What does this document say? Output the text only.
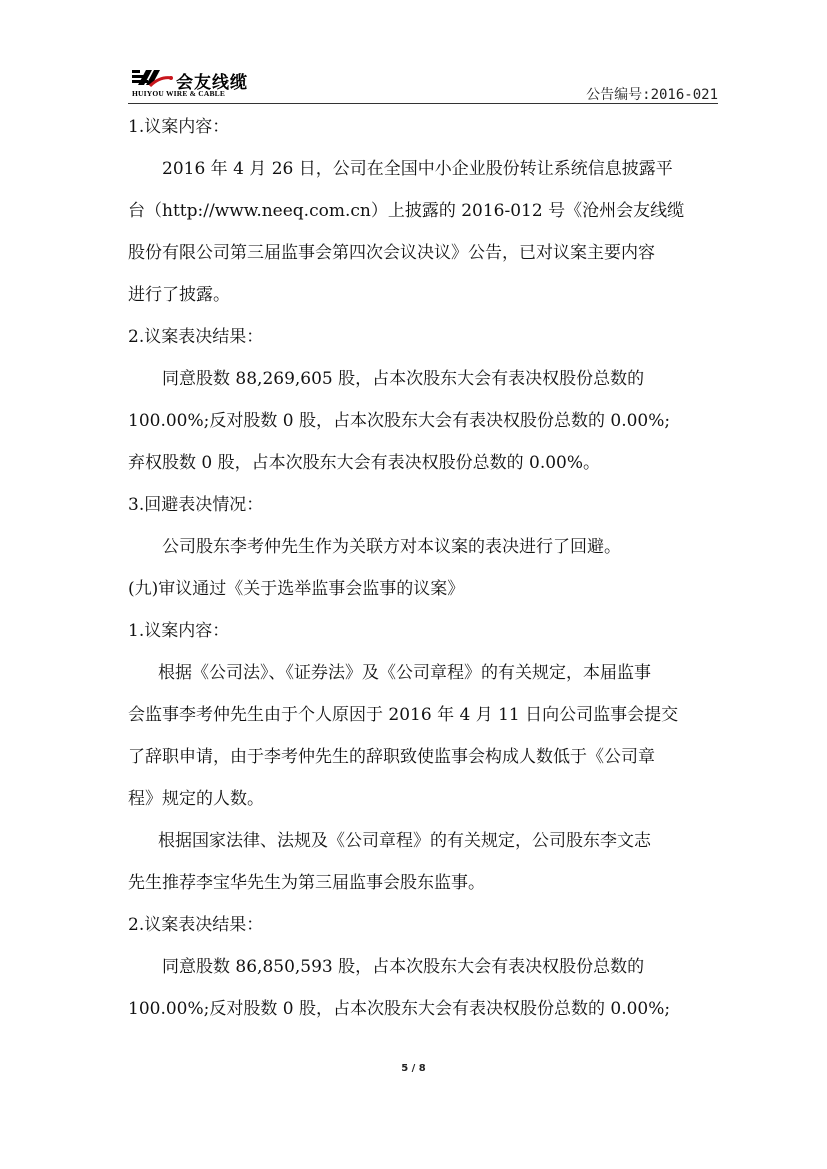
会友线缆
HUIYOU WIRE & CABLE	公告编号:2016-021
1.议案内容：
2016 年 4 月 26 日，公司在全国中小企业股份转让系统信息披露平
台（http://www.neeq.com.cn）上披露的 2016-012 号《沧州会友线缆
股份有限公司第三届监事会第四次会议决议》公告，已对议案主要内容
进行了披露。
2.议案表决结果：
同意股数 88,269,605 股，占本次股东大会有表决权股份总数的
100.00%;反对股数 0 股，占本次股东大会有表决权股份总数的 0.00%;
弃权股数 0 股，占本次股东大会有表决权股份总数的 0.00%。
3.回避表决情况：
公司股东李考仲先生作为关联方对本议案的表决进行了回避。
(九)审议通过《关于选举监事会监事的议案》
1.议案内容：
根据《公司法》、《证券法》及《公司章程》的有关规定，本届监事
会监事李考仲先生由于个人原因于 2016 年 4 月 11 日向公司监事会提交
了辞职申请，由于李考仲先生的辞职致使监事会构成人数低于《公司章
程》规定的人数。
根据国家法律、法规及《公司章程》的有关规定，公司股东李文志
先生推荐李宝华先生为第三届监事会股东监事。
2.议案表决结果：
同意股数 86,850,593 股，占本次股东大会有表决权股份总数的
100.00%;反对股数 0 股，占本次股东大会有表决权股份总数的 0.00%;
5 / 8
